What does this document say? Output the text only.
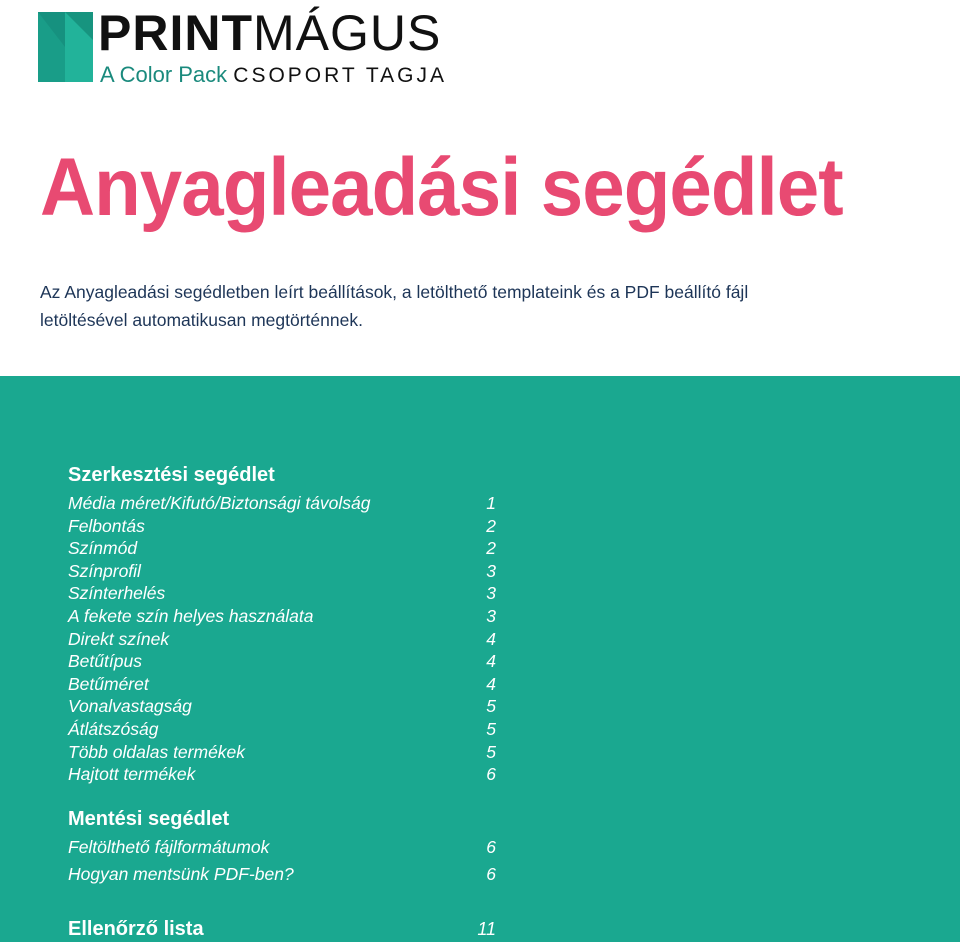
PRINTMÁGUS

A Color Pack CSOPORT TAGJA
Anyagleadási segédlet

Az Anyagleadási segédletben leírt beállítások, a letölthető templateink és a PDF beállító fájl letöltésével automatikusan megtörténnek.

Szerkesztési segédlet
Média méret/Kifutó/Biztonsági távolság	1
Felbontás	2
Színmód	2
Színprofil	3
Színterhelés	3
A fekete szín helyes használata	3
Direkt színek	4
Betűtípus	4
Betűméret	4
Vonalvastagság	5
Átlátszóság	5
Több oldalas termékek	5
Hajtott termékek	6
Mentési segédlet
Feltölthető fájlformátumok	6
Hogyan mentsünk PDF-ben?	6
Ellenőrző lista	11
